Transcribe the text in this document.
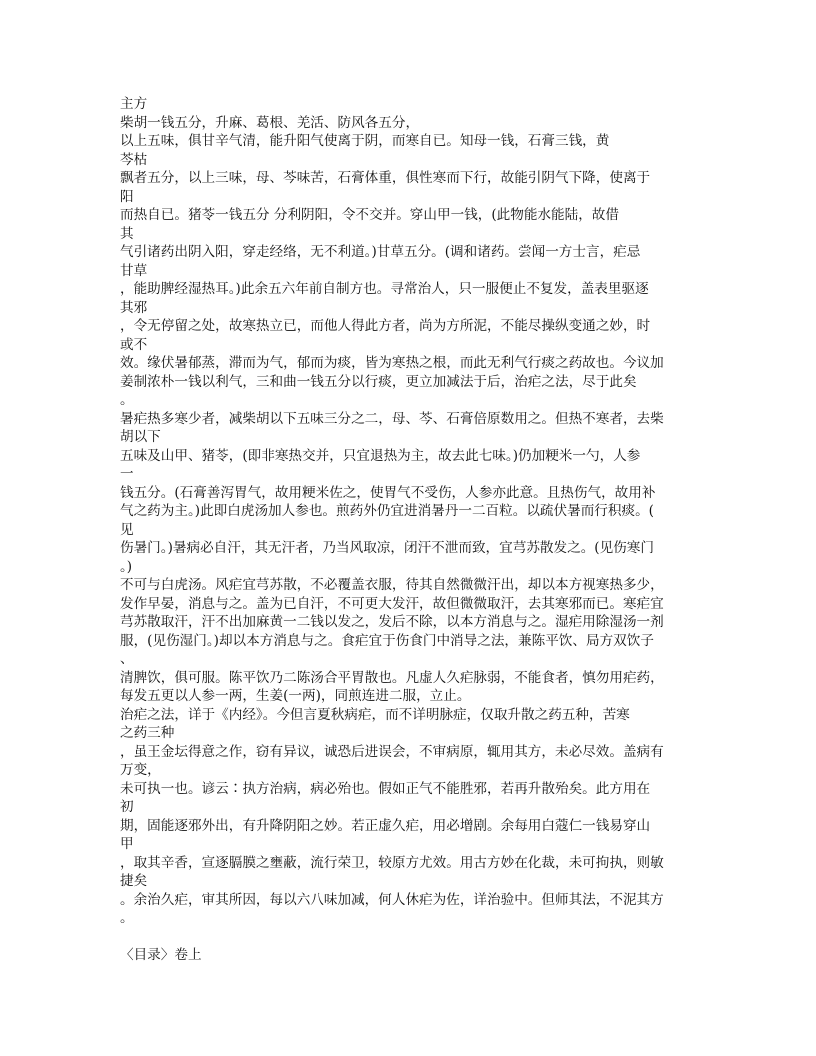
主方
柴胡一钱五分，升麻、葛根、羌活、防风各五分，
以上五味，俱甘辛气清，能升阳气使离于阴，而寒自已。知母一钱，石膏三钱，黄
芩枯
飘者五分，以上三味，母、芩味苦，石膏体重，俱性寒而下行，故能引阴气下降，使离于
阳
而热自已。猪苓一钱五分 分利阴阳，令不交并。穿山甲一钱，(此物能水能陆，故借
其
气引诸药出阴入阳，穿走经络，无不利道。)甘草五分。(调和诸药。尝闻一方士言，疟忌
甘草
，能助脾经湿热耳。)此余五六年前自制方也。寻常治人，只一服便止不复发，盖表里驱逐
其邪
，令无停留之处，故寒热立已，而他人得此方者，尚为方所泥，不能尽操纵变通之妙，时
或不
效。缘伏暑郁蒸，滞而为气，郁而为痰，皆为寒热之根，而此无利气行痰之药故也。今议加
姜制浓朴一钱以利气，三和曲一钱五分以行痰，更立加减法于后，治疟之法，尽于此矣
。
暑疟热多寒少者，减柴胡以下五味三分之二，母、芩、石膏倍原数用之。但热不寒者，去柴
胡以下
五味及山甲、猪苓，(即非寒热交并，只宜退热为主，故去此七味。)仍加粳米一勺，人参
一
钱五分。(石膏善泻胃气，故用粳米佐之，使胃气不受伤，人参亦此意。且热伤气，故用补
气之药为主。)此即白虎汤加人参也。煎药外仍宜进消暑丹一二百粒。以疏伏暑而行积痰。(
见
伤暑门。)暑病必自汗，其无汗者，乃当风取凉，闭汗不泄而致，宜芎苏散发之。(见伤寒门
。)
不可与白虎汤。风疟宜芎苏散，不必覆盖衣服，待其自然微微汗出，却以本方视寒热多少，
发作早晏，消息与之。盖为已自汗，不可更大发汗，故但微微取汗，去其寒邪而已。寒疟宜
芎苏散取汗，汗不出加麻黄一二钱以发之，发后不除，以本方消息与之。湿疟用除湿汤一剂
服，(见伤湿门。)却以本方消息与之。食疟宜于伤食门中消导之法，兼陈平饮、局方双饮子
、
清脾饮，俱可服。陈平饮乃二陈汤合平胃散也。凡虚人久疟脉弱，不能食者，慎勿用疟药，
每发五更以人参一两，生姜(一两)，同煎连进二服，立止。
治疟之法，详于《内经》。今但言夏秋病疟，而不详明脉症，仅取升散之药五种，苦寒
之药三种
，虽王金坛得意之作，窃有异议，诚恐后进误会，不审病原，辄用其方，未必尽效。盖病有
万变，
未可执一也。谚云∶执方治病，病必殆也。假如正气不能胜邪，若再升散殆矣。此方用在
初
期，固能逐邪外出，有升降阴阳之妙。若正虚久疟，用必增剧。余每用白蔻仁一钱易穿山
甲
，取其辛香，宣逐膈膜之壅蔽，流行荣卫，较原方尤效。用古方妙在化裁，未可拘执，则敏
捷矣
。余治久疟，审其所因，每以六八味加减，何人休疟为佐，详治验中。但师其法，不泥其方
。
〈目录〉卷上
